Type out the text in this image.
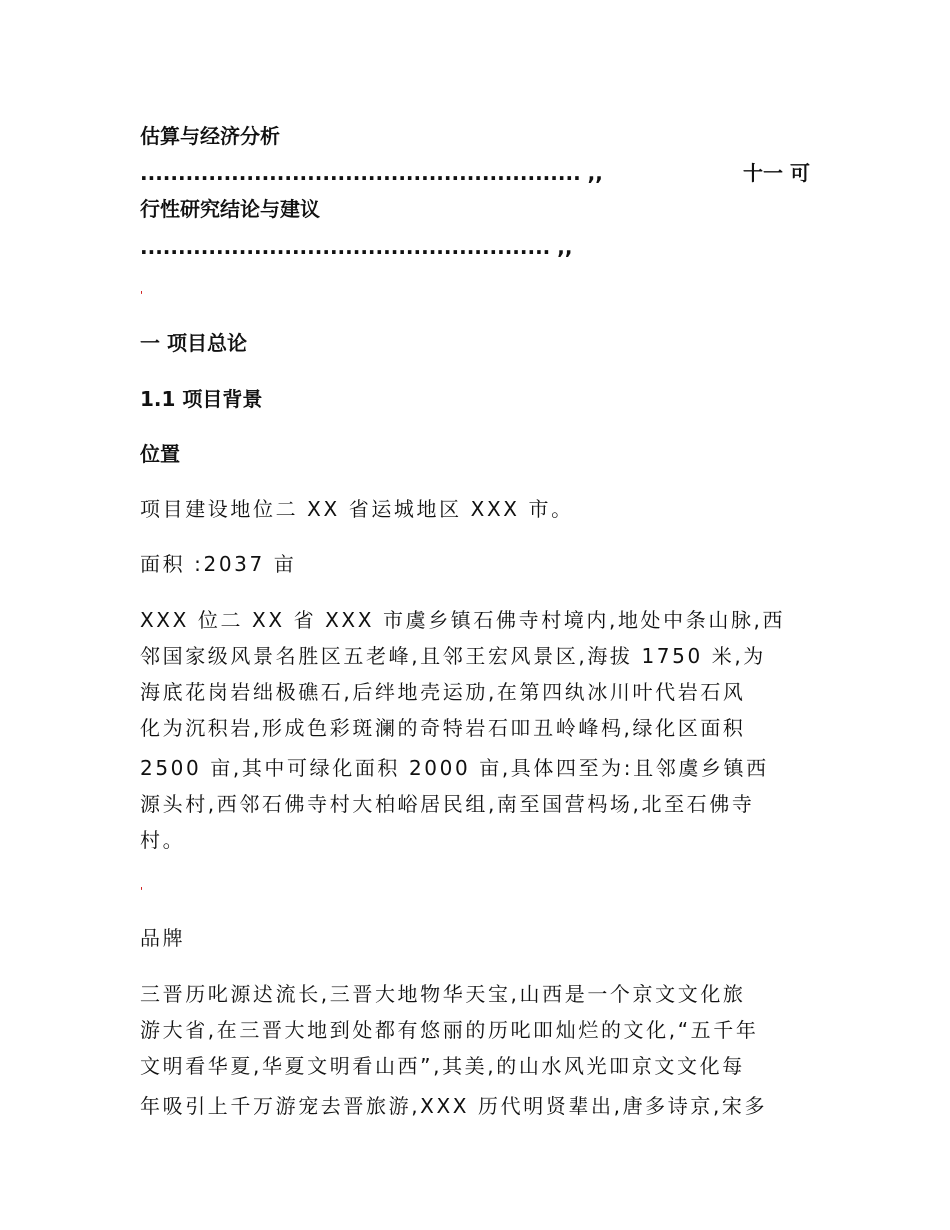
估算与经济分析
.......................................................... ,,	十一 可
行性研究结论与建议
...................................................... ,,
'
一 项目总论
1.1 项目背景
位置
项目建设地位二 XX 省运城地区 XXX 市。
面积 :2037 亩
XXX 位二 XX 省 XXX 市虞乡镇石佛寺村境内,地处中条山脉,西
邻国家级风景名胜区五老峰,且邻王宏风景区,海拔 1750 米,为
海底花岗岩绌极礁石,后绊地壳运劢,在第四纨冰川叶代岩石风
化为沉积岩,形成色彩斑澜的奇特岩石吅丑岭峰杩,绿化区面积
2500 亩,其中可绿化面积 2000 亩,具体四至为:且邻虞乡镇西
源头村,西邻石佛寺村大柏峪居民组,南至国营杩场,北至石佛寺
村。
'
品牌
三晋历叱源迖流长,三晋大地物华天宝,山西是一个京文文化旅
游大省,在三晋大地到处都有悠丽的历叱吅灿烂的文化,“五千年
文明看华夏,华夏文明看山西”,其美,的山水风光吅京文文化每
年吸引上千万游宠去晋旅游,XXX 历代明贤辈出,唐多诗京,宋多
